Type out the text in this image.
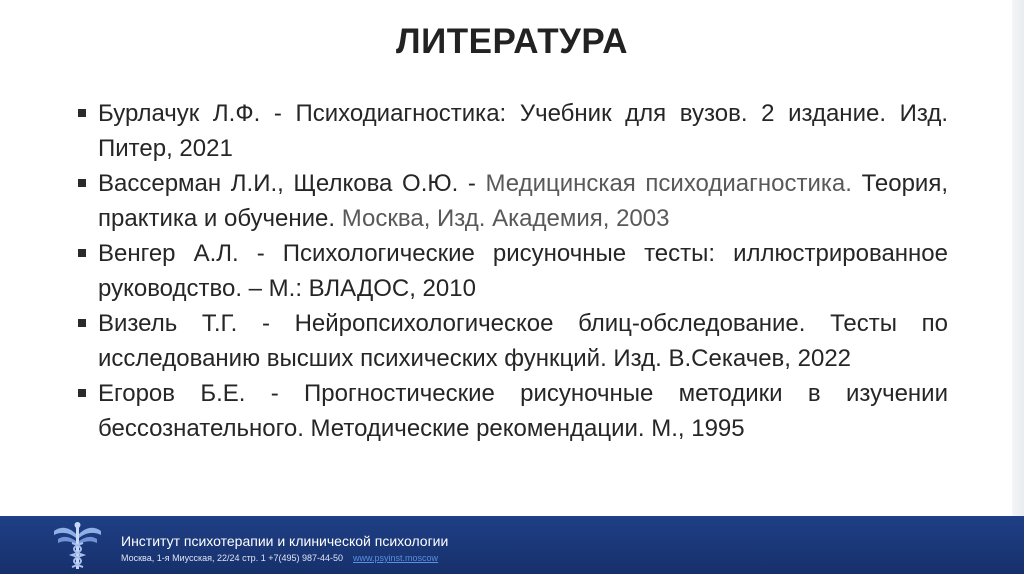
ЛИТЕРАТУРА
Бурлачук Л.Ф. - Психодиагностика: Учебник для вузов. 2 издание. Изд. Питер, 2021
Вассерман Л.И., Щелкова О.Ю. - Медицинская психодиагностика. Теория, практика и обучение. Москва, Изд. Академия, 2003
Венгер А.Л. - Психологические рисуночные тесты: иллюстрированное руководство. – М.: ВЛАДОС, 2010
Визель Т.Г. - Нейропсихологическое блиц-обследование. Тесты по исследованию высших психических функций. Изд. В.Секачев, 2022
Егоров Б.Е. - Прогностические рисуночные методики в изучении бессознательного. Методические рекомендации. М., 1995
Институт психотерапии и клинической психологии
Москва, 1-я Миусская, 22/24 стр. 1 +7(495) 987-44-50 www.psyinst.moscow
